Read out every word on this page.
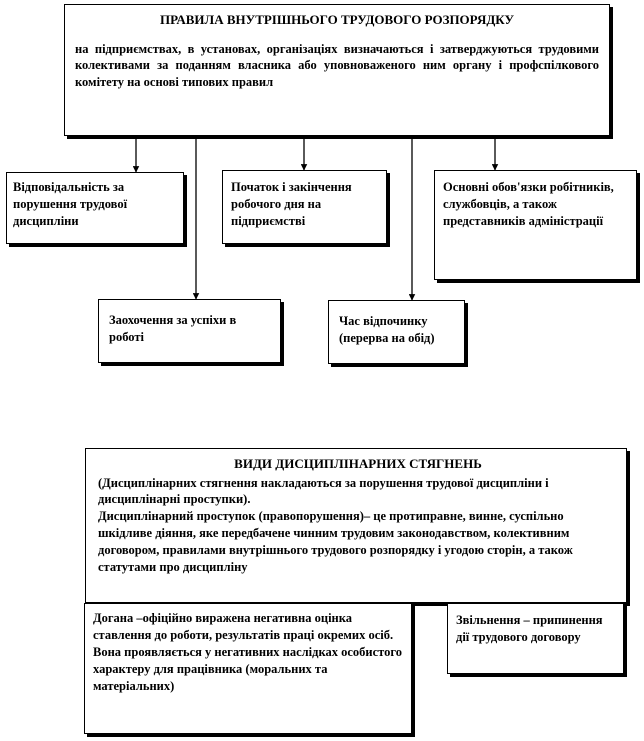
ПРАВИЛА ВНУТРІШНЬОГО ТРУДОВОГО РОЗПОРЯДКУ
на підприємствах, в установах, організаціях визначаються і затверджуються трудовими колективами за поданням власника або уповноваженого ним органу і профспілкового комітету на основі типових правил
Відповідальність за порушення трудової дисципліни
Початок і закінчення робочого дня на підприємстві
Основні обов'язки робітників, службовців, а також представників адміністрації
Заохочення за успіхи в роботі
Час відпочинку (перерва на обід)
ВИДИ ДИСЦИПЛІНАРНИХ СТЯГНЕНЬ
(Дисциплінарних стягнення накладаються за порушення трудової дисципліни і дисциплінарні проступки).
Дисциплінарний проступок (правопорушення)– це протиправне, винне, суспільно шкідливе діяння, яке передбачене чинним трудовим законодавством, колективним договором, правилами внутрішнього трудового розпорядку і угодою сторін, а також статутами про дисципліну
Догана –офіційно виражена негативна оцінка ставлення до роботи, результатів праці окремих осіб. Вона проявляється у негативних наслідках особистого характеру для працівника (моральних та матеріальних)
Звільнення – припинення дії трудового договору
